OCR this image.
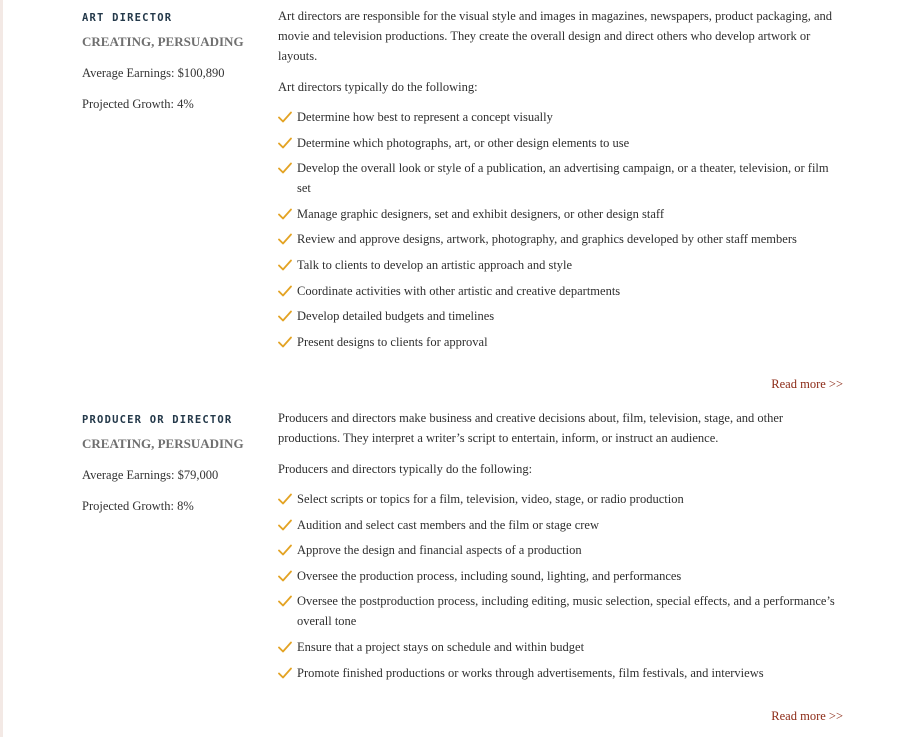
ART DIRECTOR
CREATING, PERSUADING
Average Earnings: $100,890
Projected Growth: 4%

Art directors are responsible for the visual style and images in magazines, newspapers, product packaging, and movie and television productions. They create the overall design and direct others who develop artwork or layouts.

Art directors typically do the following:

Determine how best to represent a concept visually
Determine which photographs, art, or other design elements to use
Develop the overall look or style of a publication, an advertising campaign, or a theater, television, or film set
Manage graphic designers, set and exhibit designers, or other design staff
Review and approve designs, artwork, photography, and graphics developed by other staff members
Talk to clients to develop an artistic approach and style
Coordinate activities with other artistic and creative departments
Develop detailed budgets and timelines
Present designs to clients for approval
Read more >>
PRODUCER OR DIRECTOR
CREATING, PERSUADING
Average Earnings: $79,000
Projected Growth: 8%

Producers and directors make business and creative decisions about, film, television, stage, and other productions. They interpret a writer’s script to entertain, inform, or instruct an audience.

Producers and directors typically do the following:

Select scripts or topics for a film, television, video, stage, or radio production
Audition and select cast members and the film or stage crew
Approve the design and financial aspects of a production
Oversee the production process, including sound, lighting, and performances
Oversee the postproduction process, including editing, music selection, special effects, and a performance’s overall tone
Ensure that a project stays on schedule and within budget
Promote finished productions or works through advertisements, film festivals, and interviews
Read more >>
